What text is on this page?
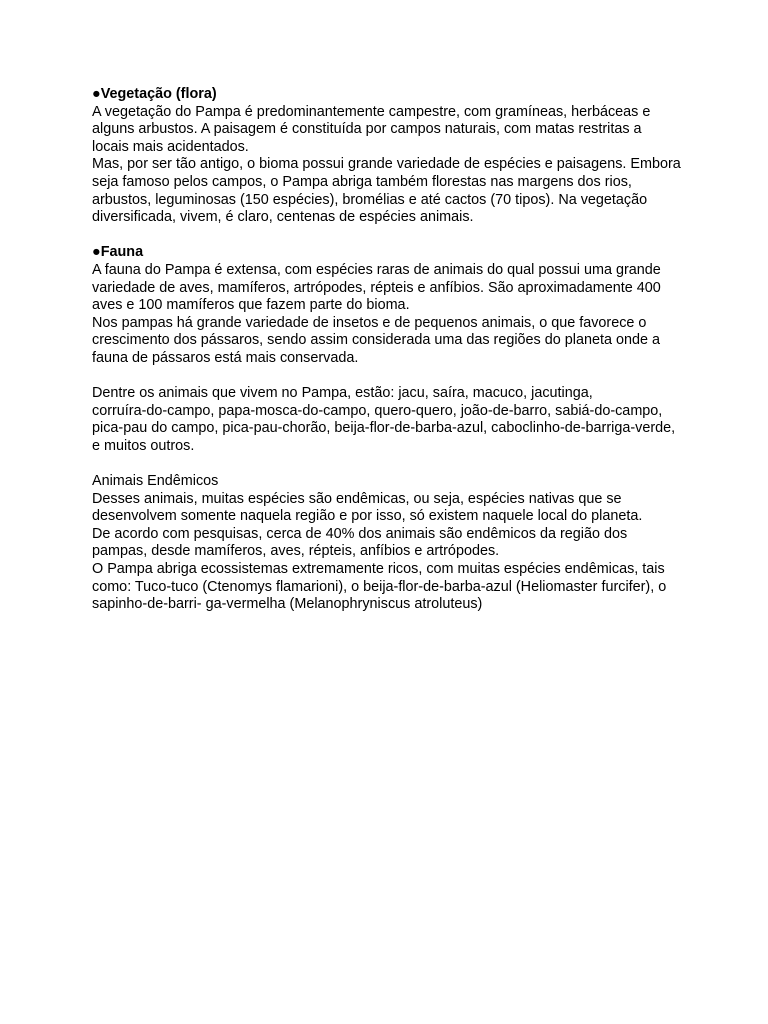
●Vegetação (flora)

A vegetação do Pampa é predominantemente campestre, com gramíneas, herbáceas e
alguns arbustos. A paisagem é constituída por campos naturais, com matas restritas a
locais mais acidentados.

Mas, por ser tão antigo, o bioma possui grande variedade de espécies e paisagens. Embora
seja famoso pelos campos, o Pampa abriga também florestas nas margens dos rios,
arbustos, leguminosas (150 espécies), bromélias e até cactos (70 tipos). Na vegetação
diversificada, vivem, é claro, centenas de espécies animais.

●Fauna

A fauna do Pampa é extensa, com espécies raras de animais do qual possui uma grande
variedade de aves, mamíferos, artrópodes, répteis e anfíbios. São aproximadamente 400
aves e 100 mamíferos que fazem parte do bioma.

Nos pampas há grande variedade de insetos e de pequenos animais, o que favorece o
crescimento dos pássaros, sendo assim considerada uma das regiões do planeta onde a
fauna de pássaros está mais conservada.

Dentre os animais que vivem no Pampa, estão: jacu, saíra, macuco, jacutinga,
corruíra-do-campo, papa-mosca-do-campo, quero-quero, joão-de-barro, sabiá-do-campo,
pica-pau do campo, pica-pau-chorão, beija-flor-de-barba-azul, caboclinho-de-barriga-verde,
e muitos outros.

Animais Endêmicos

Desses animais, muitas espécies são endêmicas, ou seja, espécies nativas que se
desenvolvem somente naquela região e por isso, só existem naquele local do planeta.

De acordo com pesquisas, cerca de 40% dos animais são endêmicos da região dos
pampas, desde mamíferos, aves, répteis, anfíbios e artrópodes.

O Pampa abriga ecossistemas extremamente ricos, com muitas espécies endêmicas, tais
como: Tuco-tuco (Ctenomys flamarioni), o beija-flor-de-barba-azul (Heliomaster furcifer), o
sapinho-de-barri- ga-vermelha (Melanophryniscus atroluteus)
